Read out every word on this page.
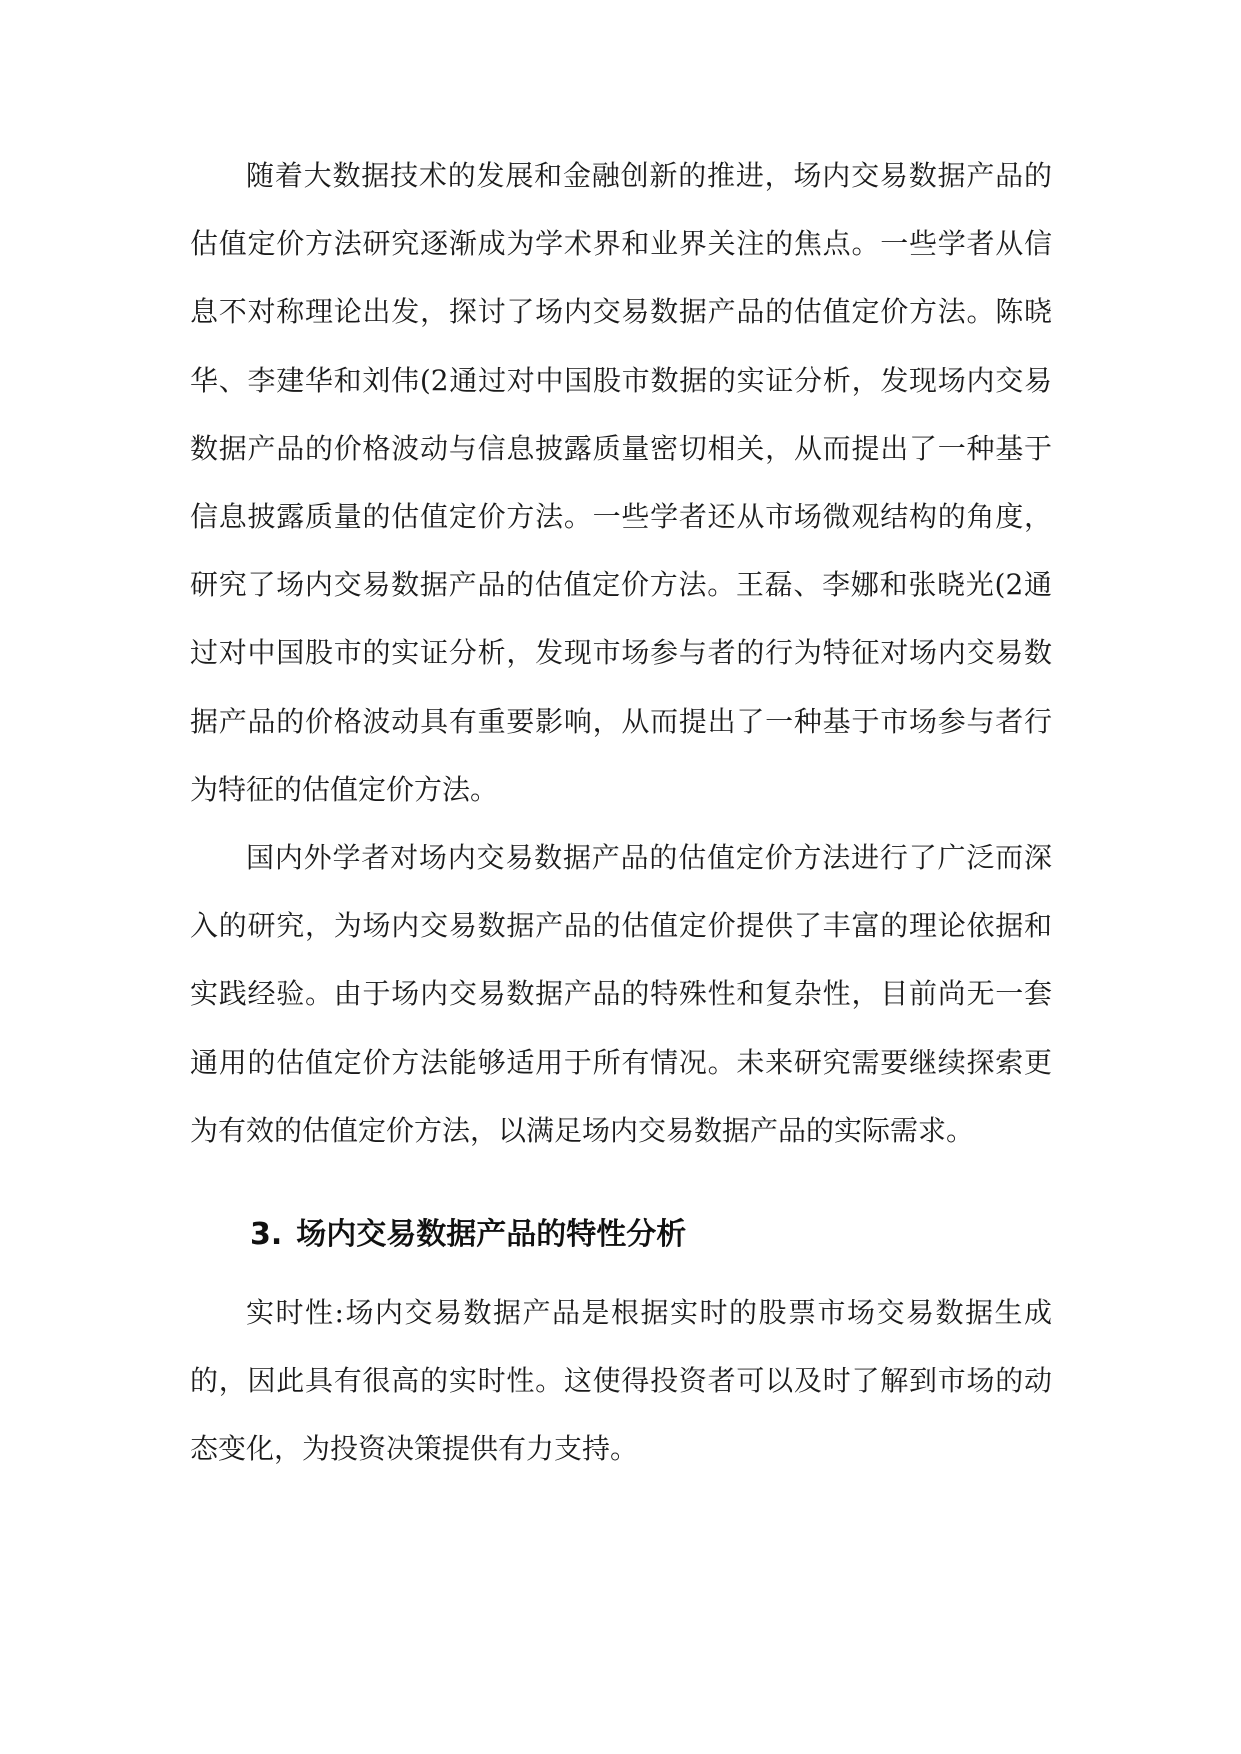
随着大数据技术的发展和金融创新的推进，场内交易数据产品的估值定价方法研究逐渐成为学术界和业界关注的焦点。一些学者从信息不对称理论出发，探讨了场内交易数据产品的估值定价方法。陈晓华、李建华和刘伟(2通过对中国股市数据的实证分析，发现场内交易数据产品的价格波动与信息披露质量密切相关，从而提出了一种基于信息披露质量的估值定价方法。一些学者还从市场微观结构的角度，研究了场内交易数据产品的估值定价方法。王磊、李娜和张晓光(2通过对中国股市的实证分析，发现市场参与者的行为特征对场内交易数据产品的价格波动具有重要影响，从而提出了一种基于市场参与者行为特征的估值定价方法。

国内外学者对场内交易数据产品的估值定价方法进行了广泛而深入的研究，为场内交易数据产品的估值定价提供了丰富的理论依据和实践经验。由于场内交易数据产品的特殊性和复杂性，目前尚无一套通用的估值定价方法能够适用于所有情况。未来研究需要继续探索更为有效的估值定价方法，以满足场内交易数据产品的实际需求。

3. 场内交易数据产品的特性分析

实时性:场内交易数据产品是根据实时的股票市场交易数据生成的，因此具有很高的实时性。这使得投资者可以及时了解到市场的动态变化，为投资决策提供有力支持。
